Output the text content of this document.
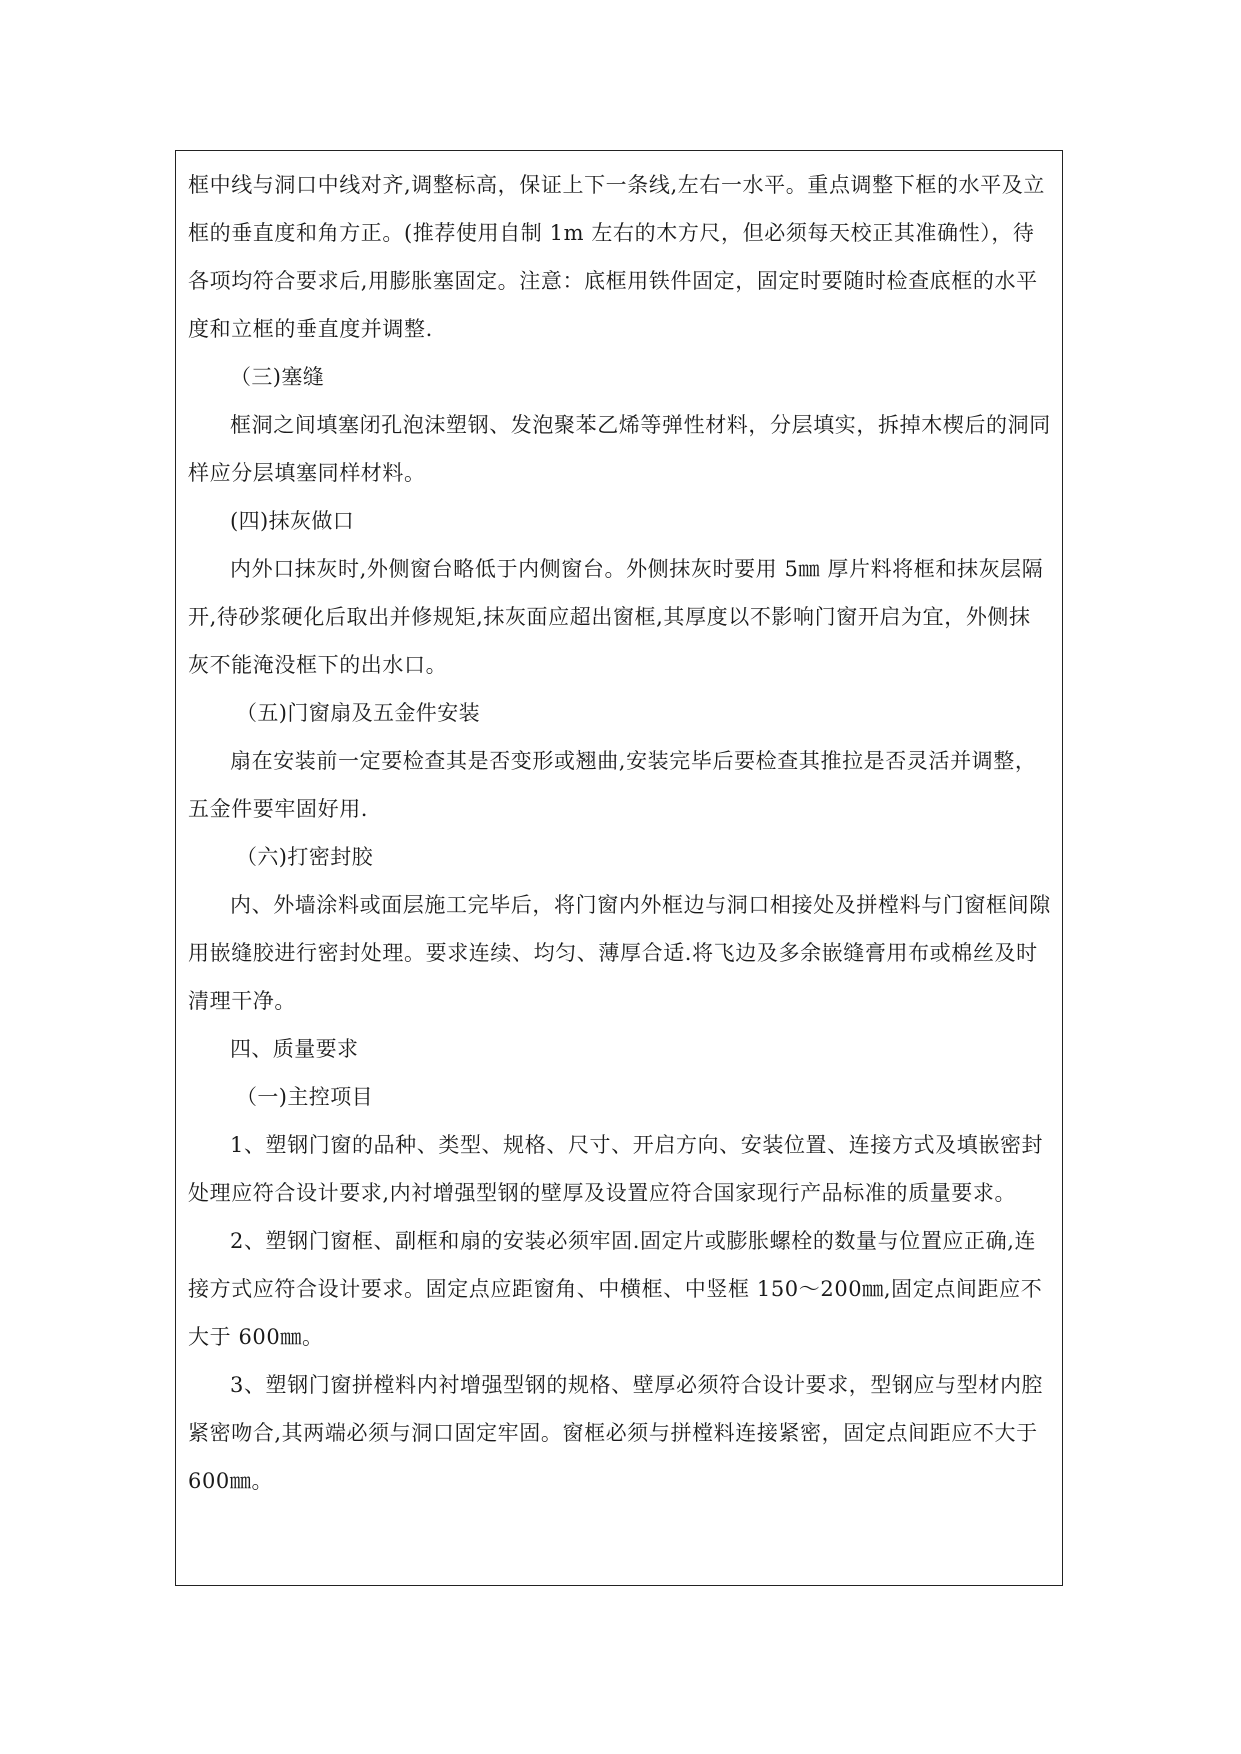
框中线与洞口中线对齐,调整标高，保证上下一条线,左右一水平。重点调整下框的水平及立框的垂直度和角方正。(推荐使用自制 1m 左右的木方尺，但必须每天校正其准确性），待各项均符合要求后,用膨胀塞固定。注意：底框用铁件固定，固定时要随时检查底框的水平度和立框的垂直度并调整.

（三)塞缝

框洞之间填塞闭孔泡沫塑钢、发泡聚苯乙烯等弹性材料，分层填实，拆掉木楔后的洞同样应分层填塞同样材料。

(四)抹灰做口

内外口抹灰时,外侧窗台略低于内侧窗台。外侧抹灰时要用 5㎜ 厚片料将框和抹灰层隔开,待砂浆硬化后取出并修规矩,抹灰面应超出窗框,其厚度以不影响门窗开启为宜，外侧抹灰不能淹没框下的出水口。

（五)门窗扇及五金件安装

扇在安装前一定要检查其是否变形或翘曲,安装完毕后要检查其推拉是否灵活并调整，五金件要牢固好用.

（六)打密封胶

内、外墙涂料或面层施工完毕后，将门窗内外框边与洞口相接处及拼樘料与门窗框间隙用嵌缝胶进行密封处理。要求连续、均匀、薄厚合适.将飞边及多余嵌缝膏用布或棉丝及时清理干净。

四、质量要求

（一)主控项目

1、塑钢门窗的品种、类型、规格、尺寸、开启方向、安装位置、连接方式及填嵌密封处理应符合设计要求,内衬增强型钢的壁厚及设置应符合国家现行产品标准的质量要求。

2、塑钢门窗框、副框和扇的安装必须牢固.固定片或膨胀螺栓的数量与位置应正确,连接方式应符合设计要求。固定点应距窗角、中横框、中竖框 150～200㎜,固定点间距应不大于 600㎜。

3、塑钢门窗拼樘料内衬增强型钢的规格、壁厚必须符合设计要求，型钢应与型材内腔紧密吻合,其两端必须与洞口固定牢固。窗框必须与拼樘料连接紧密，固定点间距应不大于 600㎜。
